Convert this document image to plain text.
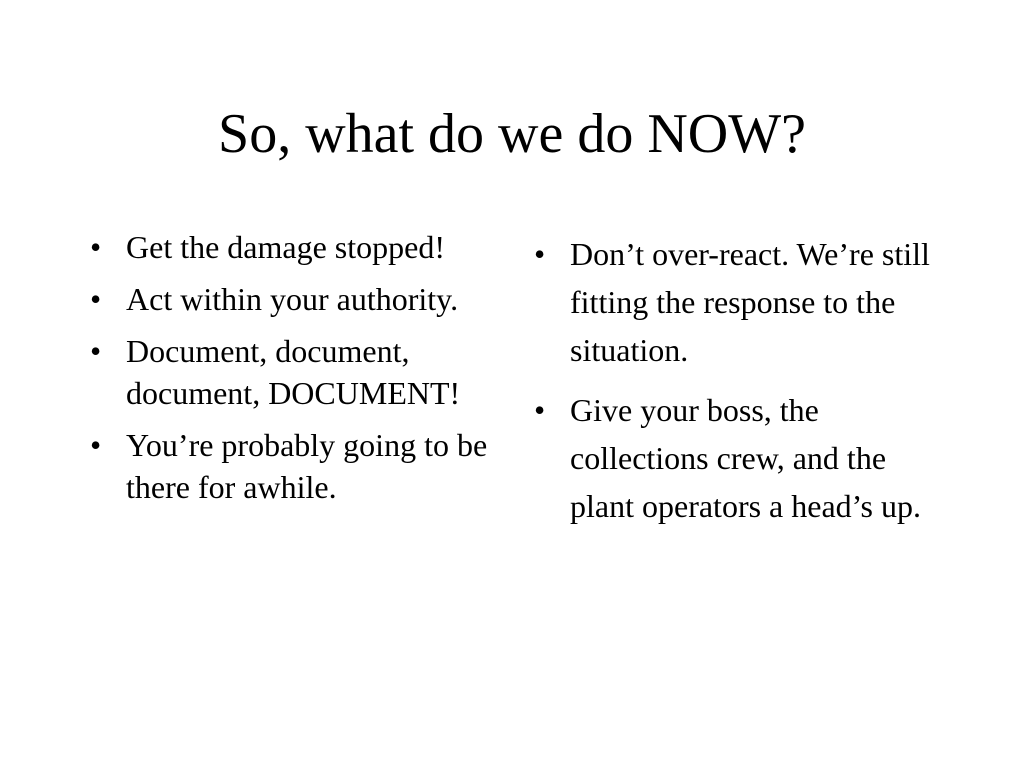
So, what do we do NOW?
• Get the damage stopped!
• Act within your authority.
• Document, document, document, DOCUMENT!
• You’re probably going to be there for awhile.
• Don’t over-react. We’re still fitting the response to the situation.
• Give your boss, the collections crew, and the plant operators a head’s up.
